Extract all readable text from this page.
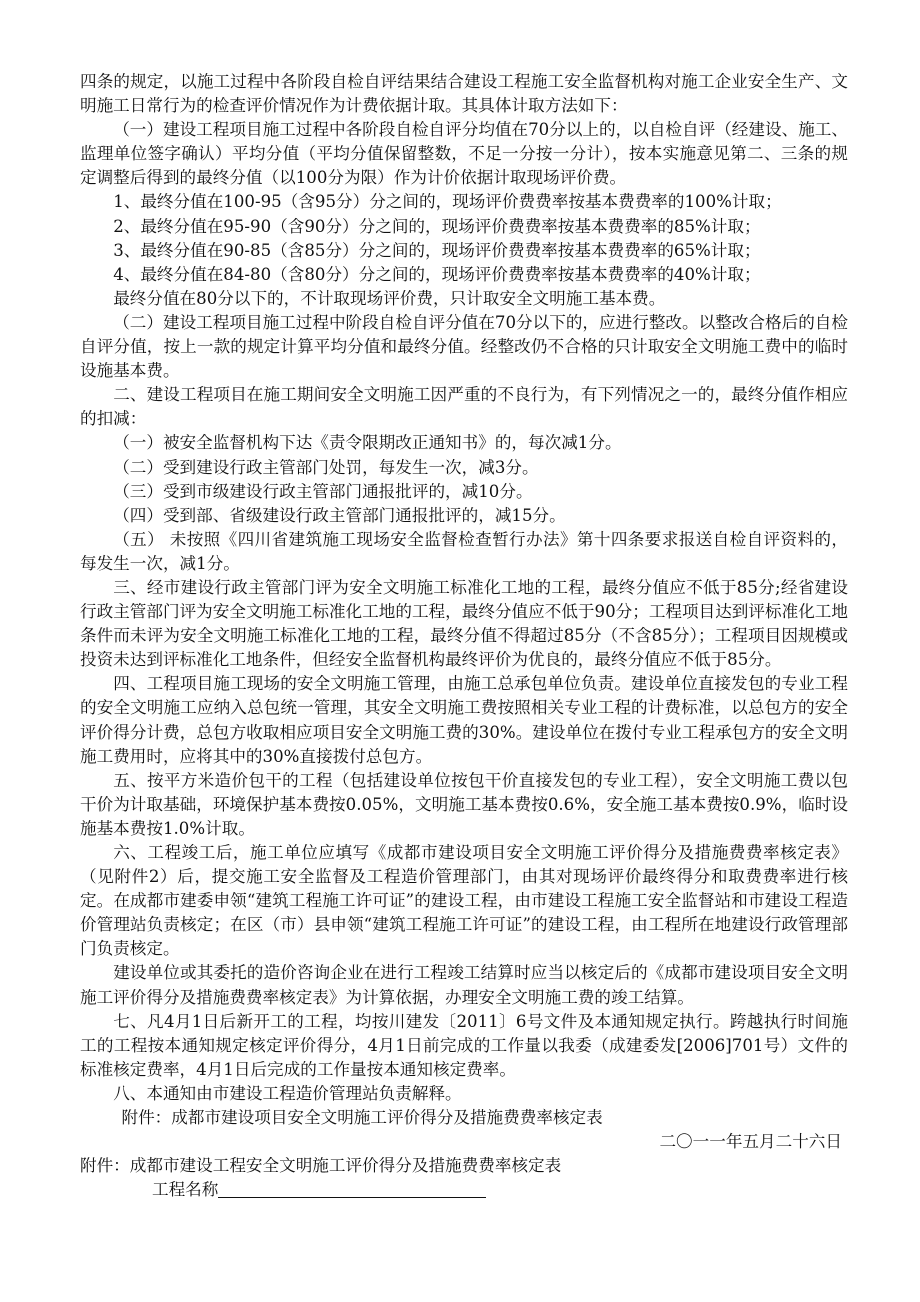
四条的规定，以施工过程中各阶段自检自评结果结合建设工程施工安全监督机构对施工企业安全生产、文明施工日常行为的检查评价情况作为计费依据计取。其具体计取方法如下：

（一）建设工程项目施工过程中各阶段自检自评分均值在70分以上的，以自检自评（经建设、施工、监理单位签字确认）平均分值（平均分值保留整数，不足一分按一分计），按本实施意见第二、三条的规定调整后得到的最终分值（以100分为限）作为计价依据计取现场评价费。

1、最终分值在100-95（含95分）分之间的，现场评价费费率按基本费费率的100%计取；

2、最终分值在95-90（含90分）分之间的，现场评价费费率按基本费费率的85%计取；

3、最终分值在90-85（含85分）分之间的，现场评价费费率按基本费费率的65%计取；

4、最终分值在84-80（含80分）分之间的，现场评价费费率按基本费费率的40%计取；

最终分值在80分以下的，不计取现场评价费，只计取安全文明施工基本费。

（二）建设工程项目施工过程中阶段自检自评分值在70分以下的，应进行整改。以整改合格后的自检自评分值，按上一款的规定计算平均分值和最终分值。经整改仍不合格的只计取安全文明施工费中的临时设施基本费。

二、建设工程项目在施工期间安全文明施工因严重的不良行为，有下列情况之一的，最终分值作相应的扣减：

（一）被安全监督机构下达《责令限期改正通知书》的，每次减1分。

（二）受到建设行政主管部门处罚，每发生一次，减3分。

（三）受到市级建设行政主管部门通报批评的，减10分。

（四）受到部、省级建设行政主管部门通报批评的，减15分。

（五） 未按照《四川省建筑施工现场安全监督检查暂行办法》第十四条要求报送自检自评资料的，每发生一次，减1分。

三、经市建设行政主管部门评为安全文明施工标准化工地的工程，最终分值应不低于85分;经省建设行政主管部门评为安全文明施工标准化工地的工程，最终分值应不低于90分；工程项目达到评标准化工地条件而未评为安全文明施工标准化工地的工程，最终分值不得超过85分（不含85分）；工程项目因规模或投资未达到评标准化工地条件，但经安全监督机构最终评价为优良的，最终分值应不低于85分。

四、工程项目施工现场的安全文明施工管理，由施工总承包单位负责。建设单位直接发包的专业工程的安全文明施工应纳入总包统一管理，其安全文明施工费按照相关专业工程的计费标准，以总包方的安全评价得分计费，总包方收取相应项目安全文明施工费的30%。建设单位在拨付专业工程承包方的安全文明施工费用时，应将其中的30%直接拨付总包方。

五、按平方米造价包干的工程（包括建设单位按包干价直接发包的专业工程），安全文明施工费以包干价为计取基础，环境保护基本费按0.05%，文明施工基本费按0.6%，安全施工基本费按0.9%，临时设施基本费按1.0%计取。

六、工程竣工后，施工单位应填写《成都市建设项目安全文明施工评价得分及措施费费率核定表》（见附件2）后，提交施工安全监督及工程造价管理部门，由其对现场评价最终得分和取费费率进行核定。在成都市建委申领“建筑工程施工许可证”的建设工程，由市建设工程施工安全监督站和市建设工程造价管理站负责核定；在区（市）县申领“建筑工程施工许可证”的建设工程，由工程所在地建设行政管理部门负责核定。

建设单位或其委托的造价咨询企业在进行工程竣工结算时应当以核定后的《成都市建设项目安全文明施工评价得分及措施费费率核定表》为计算依据，办理安全文明施工费的竣工结算。

七、凡4月1日后新开工的工程，均按川建发〔2011〕6号文件及本通知规定执行。跨越执行时间施工的工程按本通知规定核定评价得分，4月1日前完成的工作量以我委（成建委发[2006]701号）文件的标准核定费率，4月1日后完成的工作量按本通知核定费率。

八、本通知由市建设工程造价管理站负责解释。

附件：成都市建设项目安全文明施工评价得分及措施费费率核定表

二〇一一年五月二十六日

附件：成都市建设工程安全文明施工评价得分及措施费费率核定表

工程名称
